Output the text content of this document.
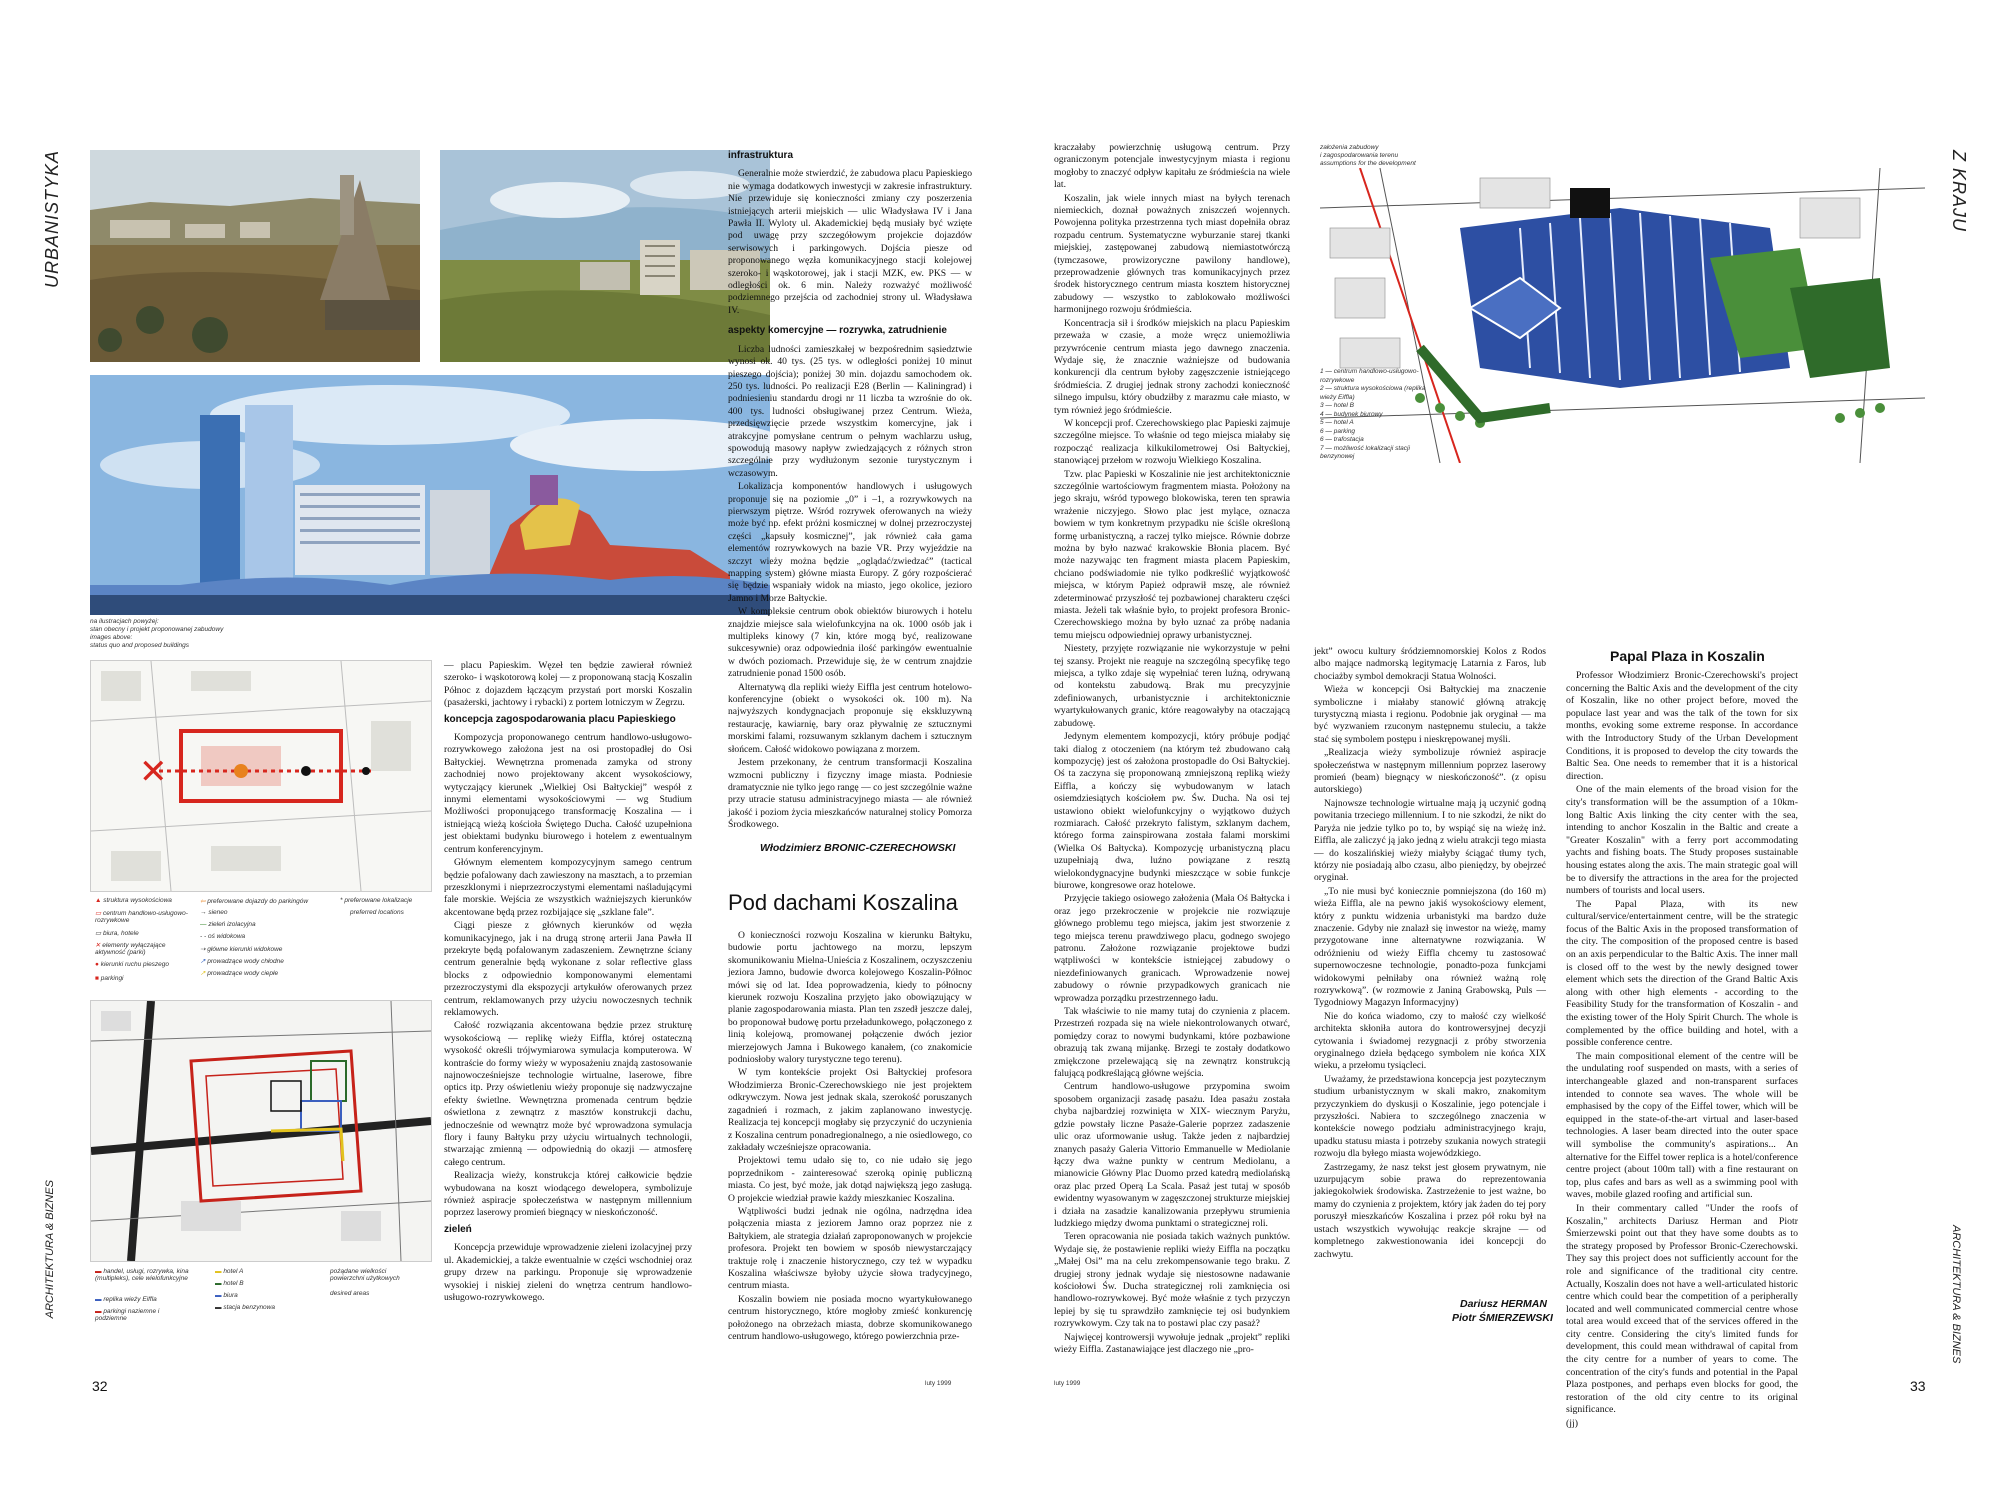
URBANISTYKA
na ilustracjach powyżej:
stan obecny i projekt proponowanej zabudowy
images above:
status quo and proposed buildings
✕
▲ struktura wysokościowa
▭ centrum handlowo-usługowo-rozrywkowe
▭ biura, hotele
✕ elementy wyłączające aktywność (parki)
● kierunki ruchu pieszego
■ parkingi
⇦ preferowane dojazdy do parkingów
→ sieneo
— zieleń izolacyjna
- - oś widokowa
⇢ główne kierunki widokowe
↗ prowadzące wody chłodne
↗ prowadzące wody ciepłe
* preferowane lokalizacje
preferred locations
▬ handel, usługi, rozrywka, kina (multipleks), cele wielofunkcyjne
▬ replika wieży Eiffla
▬ parkingi naziemne i podziemne
▬ hotel A
▬ hotel B
▬ biura
▬ stacja benzynowa
pożądane wielkości powierzchni użytkowych
desired areas

— placu Papieskim. Węzeł ten będzie zawierał również szeroko- i wąskotorową kolej — z proponowaną stacją Koszalin Północ z dojazdem łączącym przystań port morski Koszalin (pasażerski, jachtowy i rybacki) z portem lotniczym w Zegrzu.

koncepcja zagospodarowania placu Papieskiego

Kompozycja proponowanego centrum handlowo-usługowo-rozrywkowego założona jest na osi prostopadłej do Osi Bałtyckiej. Wewnętrzna promenada zamyka od strony zachodniej nowo projektowany akcent wysokościowy, wytyczający kierunek „Wielkiej Osi Bałtyckiej” wespół z innymi elementami wysokościowymi — wg Studium Możliwości proponującego transformację Koszalina — i istniejącą wieżą kościoła Świętego Ducha. Całość uzupełniona jest obiektami budynku biurowego i hotelem z ewentualnym centrum konferencyjnym.

Głównym elementem kompozycyjnym samego centrum będzie pofalowany dach zawieszony na masztach, a to przemian przeszklonymi i nieprzezroczystymi elementami naśladującymi fale morskie. Wejścia ze wszystkich ważniejszych kierunków akcentowane będą przez rozbijające się „szklane fale”.

Ciągi piesze z głównych kierunków od węzła komunikacyjnego, jak i na drugą stronę arterii Jana Pawła II przekryte będą pofalowanym zadaszeniem. Zewnętrzne ściany centrum generalnie będą wykonane z solar reflective glass blocks z odpowiednio komponowanymi elementami przezroczystymi dla ekspozycji artykułów oferowanych przez centrum, reklamowanych przy użyciu nowoczesnych technik reklamowych.

Całość rozwiązania akcentowana będzie przez strukturę wysokościową — replikę wieży Eiffla, której ostateczną wysokość określi trójwymiarowa symulacja komputerowa. W kontraście do formy wieży w wyposażeniu znajdą zastosowanie najnowocześniejsze technologie wirtualne, laserowe, fibre optics itp. Przy oświetleniu wieży proponuje się nadzwyczajne efekty świetlne. Wewnętrzna promenada centrum będzie oświetlona z zewnątrz z masztów konstrukcji dachu, jednocześnie od wewnątrz może być wprowadzona symulacja flory i fauny Bałtyku przy użyciu wirtualnych technologii, stwarzając zmienną — odpowiednią do okazji — atmosferę całego centrum.

Realizacja wieży, konstrukcja której całkowicie będzie wybudowana na koszt wiodącego dewelopera, symbolizuje również aspiracje społeczeństwa w następnym millennium poprzez laserowy promień biegnący w nieskończoność.

zieleń

Koncepcja przewiduje wprowadzenie zieleni izolacyjnej przy ul. Akademickiej, a także ewentualnie w części wschodniej oraz grupy drzew na parkingu. Proponuje się wprowadzenie wysokiej i niskiej zieleni do wnętrza centrum handlowo-usługowo-rozrywkowego.

infrastruktura

Generalnie może stwierdzić, że zabudowa placu Papieskiego nie wymaga dodatkowych inwestycji w zakresie infrastruktury. Nie przewiduje się konieczności zmiany czy poszerzenia istniejących arterii miejskich — ulic Władysława IV i Jana Pawła II. Wyloty ul. Akademickiej będą musiały być wzięte pod uwagę przy szczegółowym projekcie dojazdów serwisowych i parkingowych. Dojścia piesze od proponowanego węzła komunikacyjnego stacji kolejowej szeroko- i wąskotorowej, jak i stacji MZK, ew. PKS — w odległości ok. 6 min. Należy rozważyć możliwość podziemnego przejścia od zachodniej strony ul. Władysława IV.

aspekty komercyjne — rozrywka, zatrudnienie

Liczba ludności zamieszkałej w bezpośrednim sąsiedztwie wynosi ok. 40 tys. (25 tys. w odległości poniżej 10 minut pieszego dojścia); poniżej 30 min. dojazdu samochodem ok. 250 tys. ludności. Po realizacji E28 (Berlin — Kaliningrad) i podniesieniu standardu drogi nr 11 liczba ta wzrośnie do ok. 400 tys. ludności obsługiwanej przez Centrum. Wieża, przedsięwzięcie przede wszystkim komercyjne, jak i atrakcyjne pomysłane centrum o pełnym wachlarzu usług, spowodują masowy napływ zwiedzających z różnych stron szczególnie przy wydłużonym sezonie turystycznym i wczasowym.

Lokalizacja komponentów handlowych i usługowych proponuje się na poziomie „0” i –1, a rozrywkowych na pierwszym piętrze. Wśród rozrywek oferowanych na wieży może być np. efekt próżni kosmicznej w dolnej przezroczystej części „kapsuły kosmicznej”, jak również cała gama elementów rozrywkowych na bazie VR. Przy wyjeździe na szczyt wieży można będzie „oglądać/zwiedzać” (tactical mapping system) główne miasta Europy. Z góry rozpościerać się będzie wspaniały widok na miasto, jego okolice, jezioro Jamno i Morze Bałtyckie.

W kompleksie centrum obok obiektów biurowych i hotelu znajdzie miejsce sala wielofunkcyjna na ok. 1000 osób jak i multipleks kinowy (7 kin, które mogą być, realizowane sukcesywnie) oraz odpowiednia ilość parkingów ewentualnie w dwóch poziomach. Przewiduje się, że w centrum znajdzie zatrudnienie ponad 1500 osób.

Alternatywą dla repliki wieży Eiffla jest centrum hotelowo-konferencyjne (obiekt o wysokości ok. 100 m). Na najwyższych kondygnacjach proponuje się ekskluzywną restaurację, kawiarnię, bary oraz pływalnię ze sztucznymi morskimi falami, rozsuwanym szklanym dachem i sztucznym słońcem. Całość widokowo powiązana z morzem.

Jestem przekonany, że centrum transformacji Koszalina wzmocni publiczny i fizyczny image miasta. Podniesie dramatycznie nie tylko jego rangę — co jest szczególnie ważne przy utracie statusu administracyjnego miasta — ale również jakość i poziom życia mieszkańców naturalnej stolicy Pomorza Środkowego.

Włodzimierz BRONIC-CZERECHOWSKI
Pod dachami Koszalina

O konieczności rozwoju Koszalina w kierunku Bałtyku, budowie portu jachtowego na morzu, lepszym skomunikowaniu Mielna-Unieścia z Koszalinem, oczyszczeniu jeziora Jamno, budowie dworca kolejowego Koszalin-Północ mówi się od lat. Idea poprowadzenia, kiedy to północny kierunek rozwoju Koszalina przyjęto jako obowiązujący w planie zagospodarowania miasta. Plan ten zszedł jeszcze dalej, bo proponował budowę portu przeładunkowego, połączonego z linią kolejową, promowanej połączenie dwóch jezior mierzejowych Jamna i Bukowego kanałem, (co znakomicie podniosłoby walory turystyczne tego terenu).

W tym kontekście projekt Osi Bałtyckiej profesora Włodzimierza Bronic-Czerechowskiego nie jest projektem odkrywczym. Nowa jest jednak skala, szerokość poruszanych zagadnień i rozmach, z jakim zaplanowano inwestycję. Realizacja tej koncepcji mogłaby się przyczynić do uczynienia z Koszalina centrum ponadregionalnego, a nie osiedlowego, co zakładały wcześniejsze opracowania.

Projektowi temu udało się to, co nie udało się jego poprzednikom - zainteresować szeroką opinię publiczną miasta. Co jest, być może, jak dotąd największą jego zasługą. O projekcie wiedział prawie każdy mieszkaniec Koszalina.

Wątpliwości budzi jednak nie ogólna, nadrzędna idea połączenia miasta z jeziorem Jamno oraz poprzez nie z Bałtykiem, ale strategia działań zaproponowanych w projekcie profesora. Projekt ten bowiem w sposób niewystarczający traktuje rolę i znaczenie historycznego, czy też w wypadku Koszalina właściwsze byłoby użycie słowa tradycyjnego, centrum miasta.

Koszalin bowiem nie posiada mocno wyartykułowanego centrum historycznego, które mogłoby zmieść konkurencję położonego na obrzeżach miasta, dobrze skomunikowanego centrum handlowo-usługowego, którego powierzchnia prze-

ARCHITEKTURA & BIZNES
32	luty 1999

kraczałaby powierzchnię usługową centrum. Przy ograniczonym potencjale inwestycyjnym miasta i regionu mogłoby to znaczyć odpływ kapitału ze śródmieścia na wiele lat.

Koszalin, jak wiele innych miast na byłych terenach niemieckich, doznał poważnych zniszczeń wojennych. Powojenna polityka przestrzenna tych miast dopełniła obraz rozpadu centrum. Systematyczne wyburzanie starej tkanki miejskiej, zastępowanej zabudową niemiastotwórczą (tymczasowe, prowizoryczne pawilony handlowe), przeprowadzenie głównych tras komunikacyjnych przez środek historycznego centrum miasta kosztem historycznej zabudowy — wszystko to zablokowało możliwości harmonijnego rozwoju śródmieścia.

Koncentracja sił i środków miejskich na placu Papieskim przeważa w czasie, a może wręcz uniemożliwia przywrócenie centrum miasta jego dawnego znaczenia. Wydaje się, że znacznie ważniejsze od budowania konkurencji dla centrum byłoby zagęszczenie istniejącego śródmieścia. Z drugiej jednak strony zachodzi konieczność silnego impulsu, który obudziłby z marazmu całe miasto, w tym również jego śródmieście.

W koncepcji prof. Czerechowskiego plac Papieski zajmuje szczególne miejsce. To właśnie od tego miejsca miałaby się rozpocząć realizacja kilkukilometrowej Osi Bałtyckiej, stanowiącej przełom w rozwoju Wielkiego Koszalina.

Tzw. plac Papieski w Koszalinie nie jest architektonicznie szczególnie wartościowym fragmentem miasta. Położony na jego skraju, wśród typowego blokowiska, teren ten sprawia wrażenie niczyjego. Słowo plac jest mylące, oznacza bowiem w tym konkretnym przypadku nie ściśle określoną formę urbanistyczną, a raczej tylko miejsce. Równie dobrze można by było nazwać krakowskie Błonia placem. Być może nazywając ten fragment miasta placem Papieskim, chciano podświadomie nie tylko podkreślić wyjątkowość miejsca, w którym Papież odprawił mszę, ale również zdeterminować przyszłość tej pozbawionej charakteru części miasta. Jeżeli tak właśnie było, to projekt profesora Bronic-Czerechowskiego można by było uznać za próbę nadania temu miejscu odpowiedniej oprawy urbanistycznej.

Niestety, przyjęte rozwiązanie nie wykorzystuje w pełni tej szansy. Projekt nie reaguje na szczególną specyfikę tego miejsca, a tylko zdaje się wypełniać teren luźną, odrywaną od kontekstu zabudową. Brak mu precyzyjnie zdefiniowanych, urbanistycznie i architektonicznie wyartykułowanych granic, które reagowałyby na otaczającą zabudowę.

Jedynym elementem kompozycji, który próbuje podjąć taki dialog z otoczeniem (na którym też zbudowano całą kompozycję) jest oś założona prostopadle do Osi Bałtyckiej. Oś ta zaczyna się proponowaną zmniejszoną repliką wieży Eiffla, a kończy się wybudowanym w latach osiemdziesiątych kościołem pw. Św. Ducha. Na osi tej ustawiono obiekt wielofunkcyjny o wyjątkowo dużych rozmiarach. Całość przekryto falistym, szklanym dachem, którego forma zainspirowana została falami morskimi (Wielka Oś Bałtycka). Kompozycję urbanistyczną placu uzupełniają dwa, luźno powiązane z resztą wielokondygnacyjne budynki mieszczące w sobie funkcje biurowe, kongresowe oraz hotelowe.

Przyjęcie takiego osiowego założenia (Mała Oś Bałtycka i oraz jego przekroczenie w projekcie nie rozwiązuje głównego problemu tego miejsca, jakim jest stworzenie z tego miejsca terenu prawdziwego placu, godnego swojego patronu. Założone rozwiązanie projektowe budzi wątpliwości w kontekście istniejącej zabudowy o niezdefiniowanych granicach. Wprowadzenie nowej zabudowy o równie przypadkowych granicach nie wprowadza porządku przestrzennego ładu.

Tak właściwie to nie mamy tutaj do czynienia z placem. Przestrzeń rozpada się na wiele niekontrolowanych otwarć, pomiędzy coraz to nowymi budynkami, które pozbawione obrazują tak zwaną mijankę. Brzegi te zostały dodatkowo zmiękczone przelewającą się na zewnątrz konstrukcją falującą podkreślającą główne wejścia.

Centrum handlowo-usługowe przypomina swoim sposobem organizacji zasadę pasażu. Idea pasażu została chyba najbardziej rozwinięta w XIX- wiecznym Paryżu, gdzie powstały liczne Pasaże-Galerie poprzez zadaszenie ulic oraz uformowanie usług. Także jeden z najbardziej znanych pasaży Galeria Vittorio Emmanuelle w Mediolanie łączy dwa ważne punkty w centrum Mediolanu, a mianowicie Główny Plac Duomo przed katedrą mediolańską oraz plac przed Operą La Scala. Pasaż jest tutaj w sposób ewidentny wyasowanym w zagęszczonej strukturze miejskiej i działa na zasadzie kanalizowania przepływu strumienia ludzkiego między dwoma punktami o strategicznej roli.

Teren opracowania nie posiada takich ważnych punktów. Wydaje się, że postawienie repliki wieży Eiffla na początku „Małej Osi” ma na celu zrekompensowanie tego braku. Z drugiej strony jednak wydaje się niestosowne nadawanie kościołowi Św. Ducha strategicznej roli zamknięcia osi handlowo-rozrywkowej. Być może właśnie z tych przyczyn lepiej by się tu sprawdziło zamknięcie tej osi budynkiem rozrywkowym. Czy tak na to postawi plac czy pasaż?

Najwięcej kontrowersji wywołuje jednak „projekt” repliki wieży Eiffla. Zastanawiające jest dlaczego nie „pro-

założenia zabudowy
i zagospodarowania terenu
assumptions for the development
1 — centrum handlowo-usługowo-rozrywkowe
2 — struktura wysokościowa (replika wieży Eiffla)
3 — hotel B
4 — budynek biurowy
5 — hotel A
6 — parking
6 — trafostacja
7 — możliwość lokalizacji stacji benzynowej
Z KRAJU

jekt” owocu kultury śródziemnomorskiej Kolos z Rodos albo mające nadmorską legitymację Latarnia z Faros, lub chociażby symbol demokracji Statua Wolności.

Wieża w koncepcji Osi Bałtyckiej ma znaczenie symboliczne i miałaby stanowić główną atrakcję turystyczną miasta i regionu. Podobnie jak oryginał — ma być wyzwaniem rzuconym następnemu stuleciu, a także stać się symbolem postępu i nieskrępowanej myśli.

„Realizacja wieży symbolizuje również aspiracje społeczeństwa w następnym millennium poprzez laserowy promień (beam) biegnący w nieskończoność”. (z opisu autorskiego)

Najnowsze technologie wirtualne mają ją uczynić godną powitania trzeciego millennium. I to nie szkodzi, że nikt do Paryża nie jedzie tylko po to, by wspiąć się na wieżę inż. Eiffla, ale zaliczyć ją jako jedną z wielu atrakcji tego miasta — do koszalińskiej wieży miałyby ściągać tłumy tych, którzy nie posiadają albo czasu, albo pieniędzy, by obejrzeć oryginał.

„To nie musi być koniecznie pomniejszona (do 160 m) wieża Eiffla, ale na pewno jakiś wysokościowy element, który z punktu widzenia urbanistyki ma bardzo duże znaczenie. Gdyby nie znalazł się inwestor na wieżę, mamy przygotowane inne alternatywne rozwiązania. W odróżnieniu od wieży Eiffla chcemy tu zastosować supernowoczesne technologie, ponadto-poza funkcjami widokowymi pełniłaby ona również ważną rolę rozrywkową”. (w rozmowie z Janiną Grabowską, Puls — Tygodniowy Magazyn Informacyjny)

Nie do końca wiadomo, czy to małość czy wielkość architekta skłoniła autora do kontrowersyjnej decyzji cytowania i świadomej rezygnacji z próby stworzenia oryginalnego dzieła będącego symbolem nie końca XIX wieku, a przełomu tysiącleci.

Uważamy, że przedstawiona koncepcja jest pozytecznym studium urbanistycznym w skali makro, znakomitym przyczynkiem do dyskusji o Koszalinie, jego potencjale i przyszłości. Nabiera to szczególnego znaczenia w kontekście nowego podziału administracyjnego kraju, upadku statusu miasta i potrzeby szukania nowych strategii rozwoju dla byłego miasta wojewódzkiego.

Zastrzegamy, że nasz tekst jest głosem prywatnym, nie uzurpującym sobie prawa do reprezentowania jakiegokolwiek środowiska. Zastrzeżenie to jest ważne, bo mamy do czynienia z projektem, który jak żaden do tej pory poruszył mieszkańców Koszalina i przez pół roku był na ustach wszystkich wywołując reakcje skrajne — od kompletnego zakwestionowania idei koncepcji do zachwytu.

Dariusz HERMAN
Piotr ŚMIERZEWSKI
Papal Plaza in Koszalin

Professor Włodzimierz Bronic-Czerechowski's project concerning the Baltic Axis and the development of the city of Koszalin, like no other project before, moved the populace last year and was the talk of the town for six months, evoking some extreme response. In accordance with the Introductory Study of the Urban Development Conditions, it is proposed to develop the city towards the Baltic Sea. One needs to remember that it is a historical direction.

One of the main elements of the broad vision for the city's transformation will be the assumption of a 10km-long Baltic Axis linking the city center with the sea, intending to anchor Koszalin in the Baltic and create a "Greater Koszalin" with a ferry port accommodating yachts and fishing boats. The Study proposes sustainable housing estates along the axis. The main strategic goal will be to diversify the attractions in the area for the projected numbers of tourists and local users.

The Papal Plaza, with its new cultural/service/entertainment centre, will be the strategic focus of the Baltic Axis in the proposed transformation of the city. The composition of the proposed centre is based on an axis perpendicular to the Baltic Axis. The inner mall is closed off to the west by the newly designed tower element which sets the direction of the Grand Baltic Axis along with other high elements - according to the Feasibility Study for the transformation of Koszalin - and the existing tower of the Holy Spirit Church. The whole is complemented by the office building and hotel, with a possible conference centre.

The main compositional element of the centre will be the undulating roof suspended on masts, with a series of interchangeable glazed and non-transparent surfaces intended to connote sea waves. The whole will be emphasised by the copy of the Eiffel tower, which will be equipped in the state-of-the-art virtual and laser-based technologies. A laser beam directed into the outer space will symbolise the community's aspirations... An alternative for the Eiffel tower replica is a hotel/conference centre project (about 100m tall) with a fine restaurant on top, plus cafes and bars as well as a swimming pool with waves, mobile glazed roofing and artificial sun.

In their commentary called "Under the roofs of Koszalin," architects Dariusz Herman and Piotr Śmierzewski point out that they have some doubts as to the strategy proposed by Professor Bronic-Czerechowski. They say this project does not sufficiently account for the role and significance of the traditional city centre. Actually, Koszalin does not have a well-articulated historic centre which could bear the competition of a peripherally located and well communicated commercial centre whose total area would exceed that of the services offered in the city centre. Considering the city's limited funds for development, this could mean withdrawal of capital from the city centre for a number of years to come. The concentration of the city's funds and potential in the Papal Plaza postpones, and perhaps even blocks for good, the restoration of the old city centre to its original significance.

(jj)

ARCHITEKTURA & BIZNES
33
luty 1999
